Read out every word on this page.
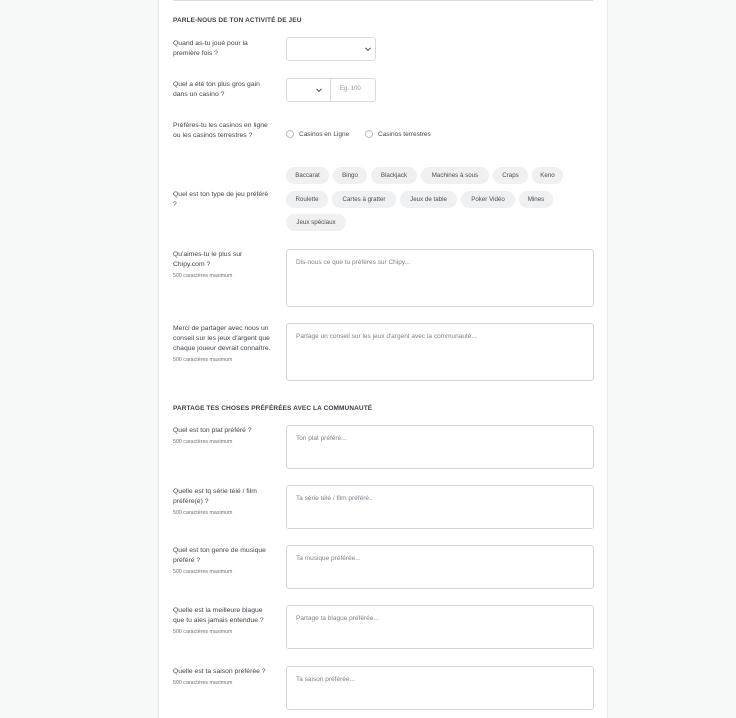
PARLE-NOUS DE TON ACTIVITÉ DE JEU
Quand as-tu joué pour la première fois ?
Quel a été ton plus gros gain dans un casino ?
Eg. 100
Préfères-tu les casinos en ligne ou les casinos terrestres ?	Casinos en Ligne	Casinos terrestres
Quel est ton type de jeu préféré ?
Baccarat	Bingo	Blackjack	Machines à sous	Craps	Keno
Roulette	Cartes à gratter	Jeux de table	Poker Vidéo	Mines
Jeux spéciaux
Qu'aimes-tu le plus sur Chipy.com ?
500 caractères maximum
Dis-nous ce que tu préfères sur Chipy...
Merci de partager avec nous un conseil sur les jeux d'argent que chaque joueur devrait connaître.
500 caractères maximum
Partage un conseil sur les jeux d'argent avec la communauté...
PARTAGE TES CHOSES PRÉFÉRÉES AVEC LA COMMUNAUTÉ
Quel est ton plat préféré ?
500 caractères maximum	Ton plat préféré...
Quelle est tq série télé / film préfére(e) ?
500 caractères maximum
Ta série télé / film préféré..
Quel est ton genre de musique préféré ?
500 caractères maximum
Ta musique préférée...
Quelle est la meilleure blague que tu aies jamais entendue ?
500 caractères maximum
Partage ta blague préférée...
Quelle est ta saison préférée ?
500 caractères maximum	Ta saison préférée...
